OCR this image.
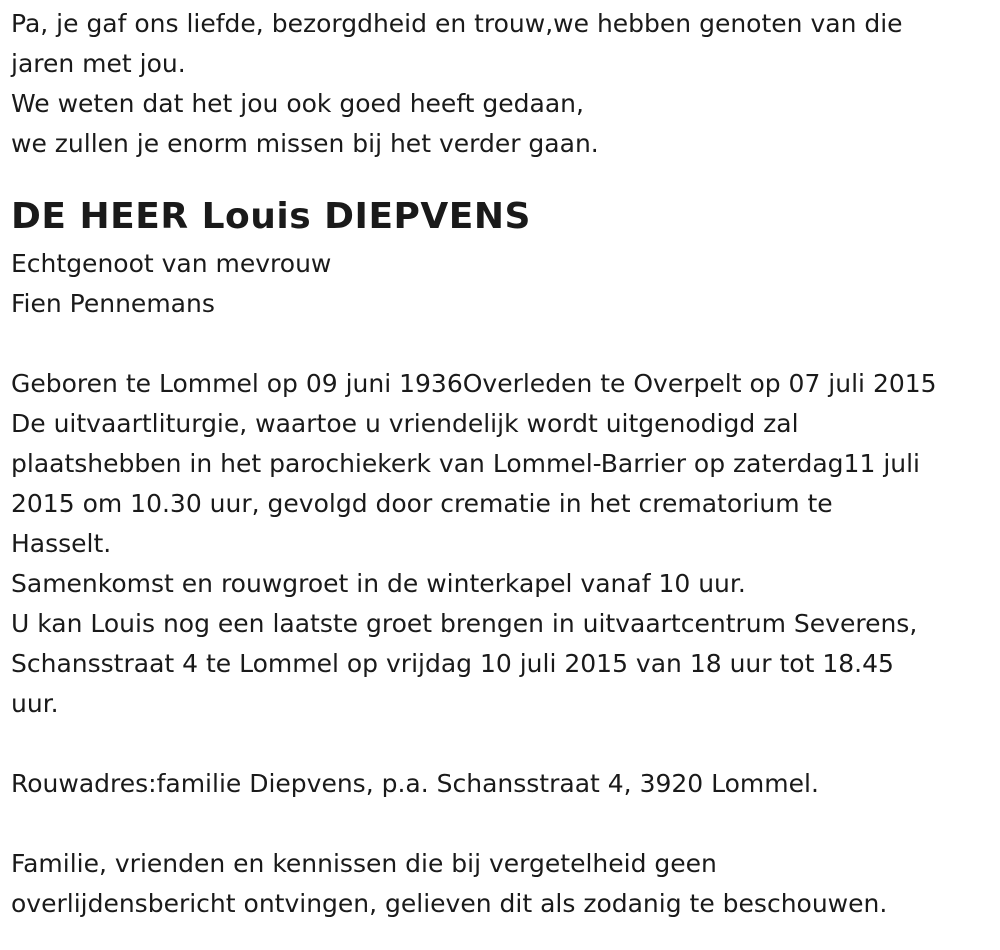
Pa, je gaf ons liefde, bezorgdheid en trouw,we hebben genoten van die
jaren met jou.
We weten dat het jou ook goed heeft gedaan,
we zullen je enorm missen bij het verder gaan.
DE HEER Louis DIEPVENS
Echtgenoot van mevrouw
Fien Pennemans
Geboren te Lommel op 09 juni 1936Overleden te Overpelt op 07 juli 2015
De uitvaartliturgie, waartoe u vriendelijk wordt uitgenodigd zal
plaatshebben in het parochiekerk van Lommel-Barrier op zaterdag11 juli
2015 om 10.30 uur, gevolgd door crematie in het crematorium te
Hasselt.
Samenkomst en rouwgroet in de winterkapel vanaf 10 uur.
U kan Louis nog een laatste groet brengen in uitvaartcentrum Severens,
Schansstraat 4 te Lommel op vrijdag 10 juli 2015 van 18 uur tot 18.45
uur.
Rouwadres:familie Diepvens, p.a. Schansstraat 4, 3920 Lommel.
Familie, vrienden en kennissen die bij vergetelheid geen
overlijdensbericht ontvingen, gelieven dit als zodanig te beschouwen.
